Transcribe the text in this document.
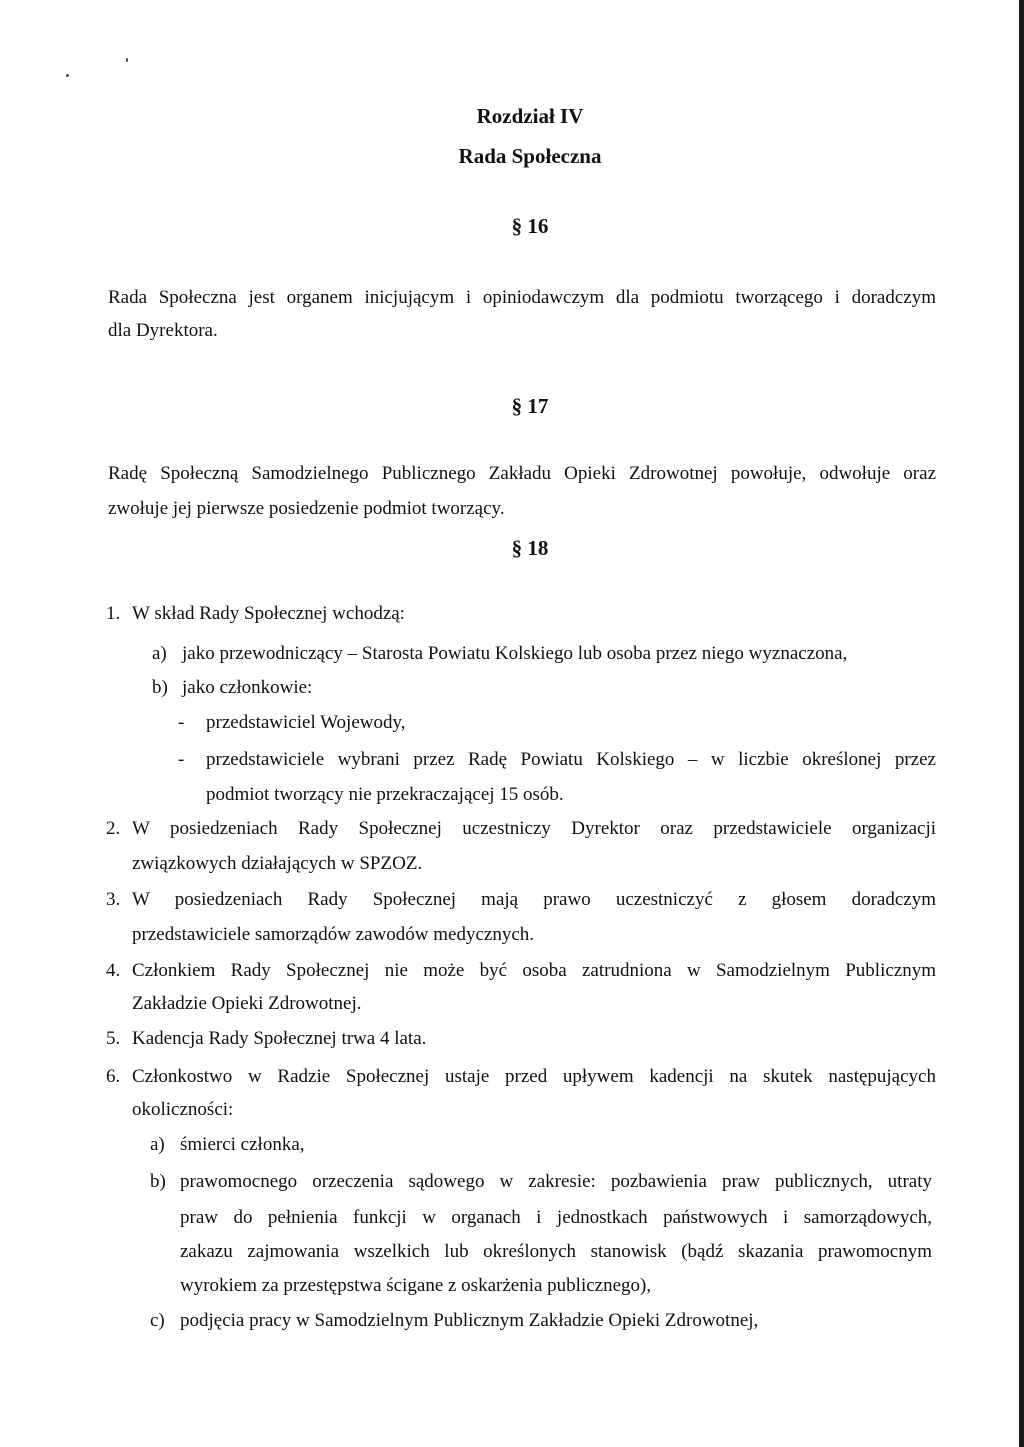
Rozdział IV
Rada Społeczna
§ 16
Rada Społeczna jest organem inicjującym i opiniodawczym dla podmiotu tworzącego i doradczym
dla Dyrektora.
§ 17
Radę Społeczną Samodzielnego Publicznego Zakładu Opieki Zdrowotnej powołuje, odwołuje oraz
zwołuje jej pierwsze posiedzenie podmiot tworzący.
§ 18
1. W skład Rady Społecznej wchodzą:
a) jako przewodniczący – Starosta Powiatu Kolskiego lub osoba przez niego wyznaczona,
b) jako członkowie:
- przedstawiciel Wojewody,
- przedstawiciele wybrani przez Radę Powiatu Kolskiego – w liczbie określonej przez
podmiot tworzący nie przekraczającej 15 osób.
2. W posiedzeniach Rady Społecznej uczestniczy Dyrektor oraz przedstawiciele organizacji
związkowych działających w SPZOZ.
3. W posiedzeniach Rady Społecznej mają prawo uczestniczyć z głosem doradczym
przedstawiciele samorządów zawodów medycznych.
4. Członkiem Rady Społecznej nie może być osoba zatrudniona w Samodzielnym Publicznym
Zakładzie Opieki Zdrowotnej.
5. Kadencja Rady Społecznej trwa 4 lata.
6. Członkostwo w Radzie Społecznej ustaje przed upływem kadencji na skutek następujących
okoliczności:
a) śmierci członka,
b) prawomocnego orzeczenia sądowego w zakresie: pozbawienia praw publicznych, utraty
praw do pełnienia funkcji w organach i jednostkach państwowych i samorządowych,
zakazu zajmowania wszelkich lub określonych stanowisk (bądź skazania prawomocnym
wyrokiem za przestępstwa ścigane z oskarżenia publicznego),
c) podjęcia pracy w Samodzielnym Publicznym Zakładzie Opieki Zdrowotnej,
